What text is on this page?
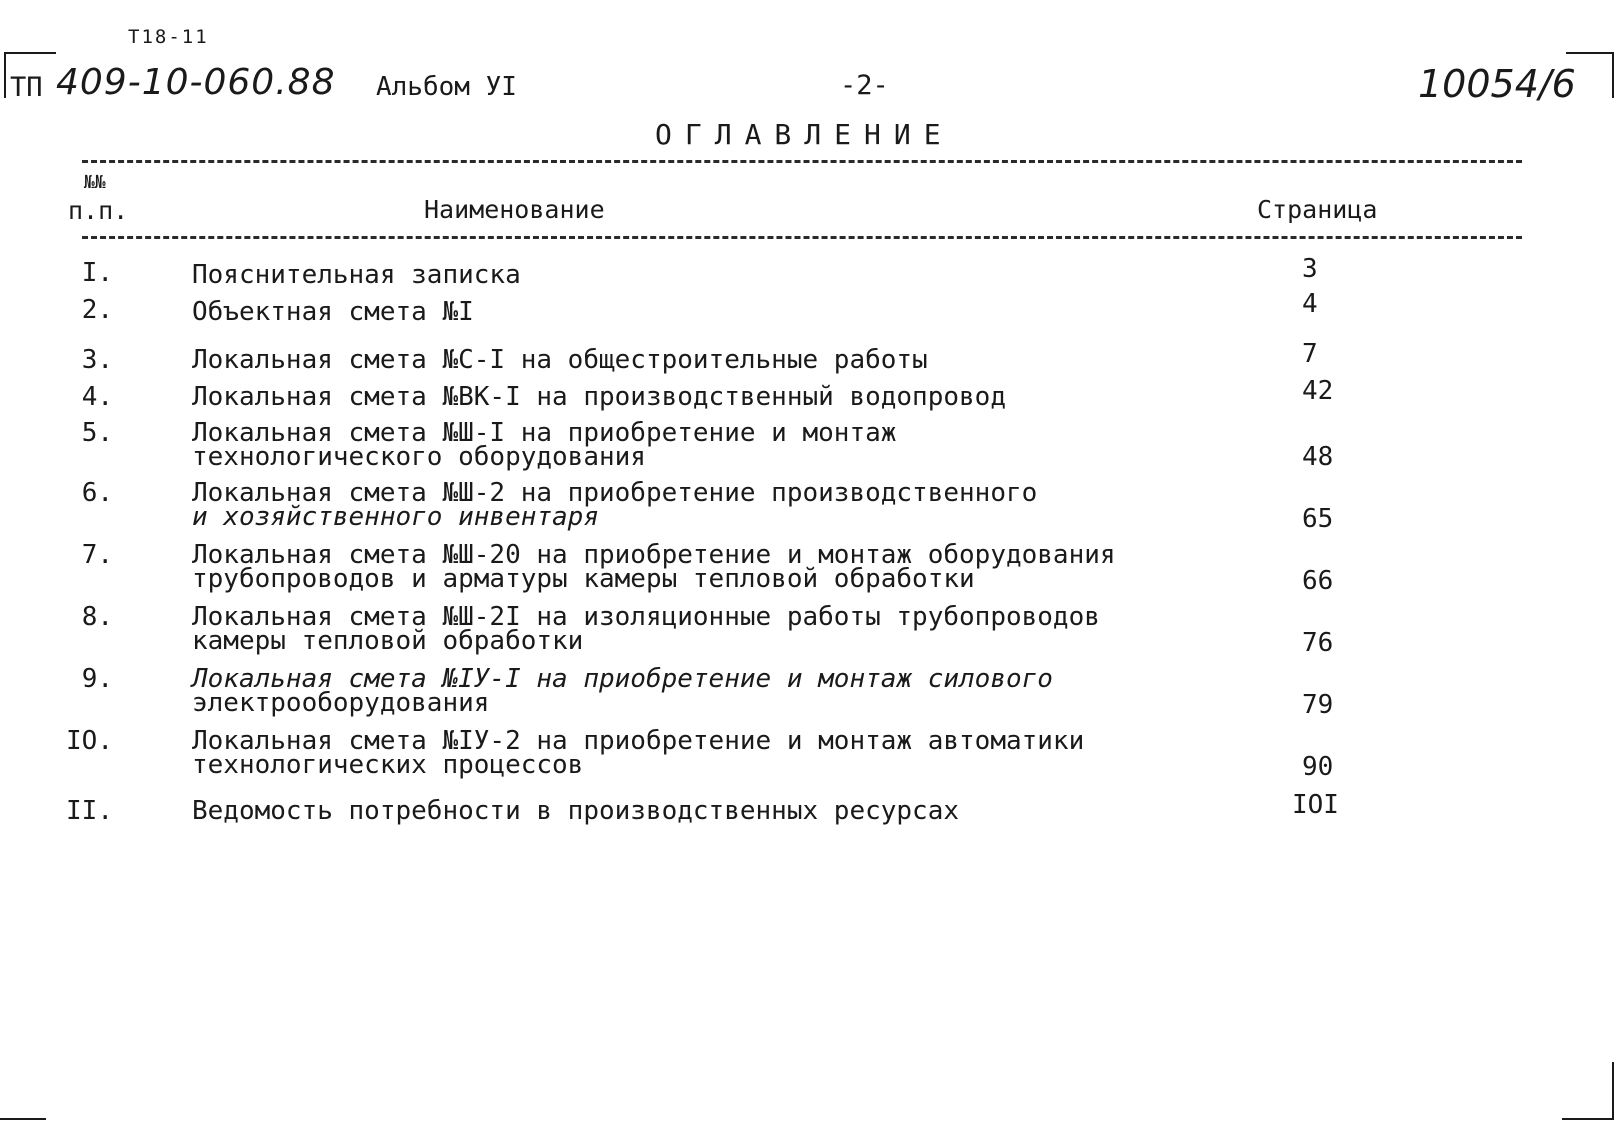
Т18-11
ТП 409-10-060.88 Альбом УI	-2-	10054/6
ОГЛАВЛЕНИЕ
№№
п.п.	Наименование	Страница
I.	Пояснительная записка	3
2.	Объектная смета №I	4
3.	Локальная смета №С-I на общестроительные работы	7
4.	Локальная смета №ВК-I на производственный водопровод	42
5.	Локальная смета №Ш-I на приобретение и монтаж
технологического оборудования	48
6.	Локальная смета №Ш-2 на приобретение производственного
и хозяйственного инвентаря	65
7.	Локальная смета №Ш-20 на приобретение и монтаж оборудования
трубопроводов и арматуры камеры тепловой обработки	66
8.	Локальная смета №Ш-2I на изоляционные работы трубопроводов
камеры тепловой обработки	76
9.	Локальная смета №IУ-I на приобретение и монтаж силового
электрооборудования	79
IO.	Локальная смета №IУ-2 на приобретение и монтаж автоматики
технологических процессов	90
II.	Ведомость потребности в производственных ресурсах	IOI
